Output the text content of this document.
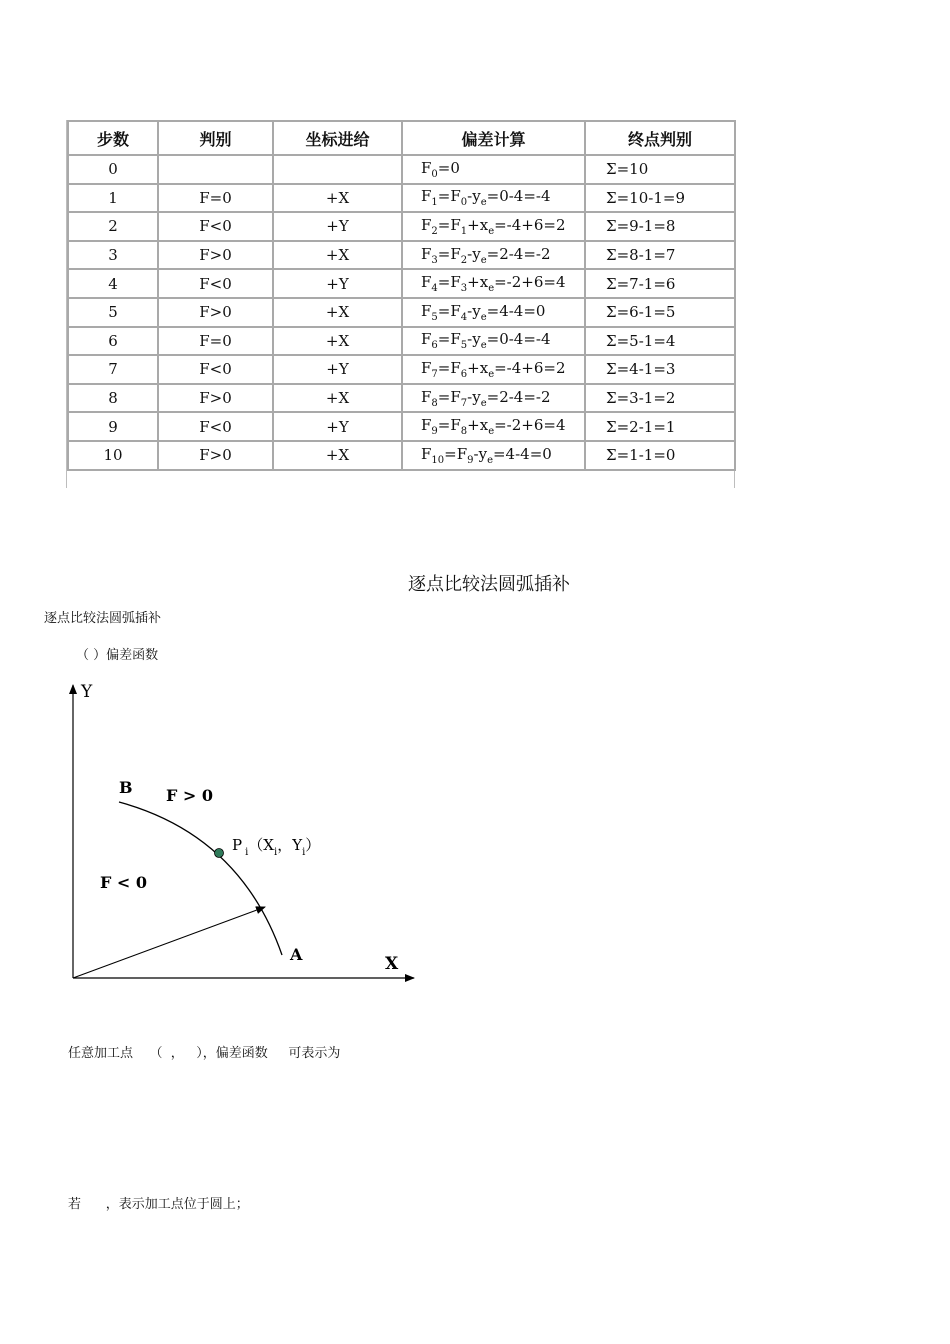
步数	判别	坐标进给	偏差计算	终点判别
0			$F_0=0$	Σ=10
1	F=0	+X	$F_1=F_0-y_e=0-4=-4$	Σ=10-1=9
2	F<0	+Y	$F_2=F_1+x_e=-4+6=2$	Σ=9-1=8
3	F>0	+X	$F_3=F_2-y_e=2-4=-2$	Σ=8-1=7
4	F<0	+Y	$F_4=F_3+x_e=-2+6=4$	Σ=7-1=6
5	F>0	+X	$F_5=F_4-y_e=4-4=0$	Σ=6-1=5
6	F=0	+X	$F_6=F_5-y_e=0-4=-4$	Σ=5-1=4
7	F<0	+Y	$F_7=F_6+x_e=-4+6=2$	Σ=4-1=3
8	F>0	+X	$F_8=F_7-y_e=2-4=-2$	Σ=3-1=2
9	F<0	+Y	$F_9=F_8+x_e=-2+6=4$	Σ=2-1=1
10	F>0	+X	$F_{10}=F_9-y_e=4-4=0$	Σ=1-1=0
逐点比较法圆弧插补
逐点比较法圆弧插补
（ ）偏差函数
Y
X
B
A
F > 0
F < 0
P $_i(X_i$，$Y_i$）
任意加工点    （  ，   ），偏差函数     可表示为
若      ，表示加工点位于圆上；
